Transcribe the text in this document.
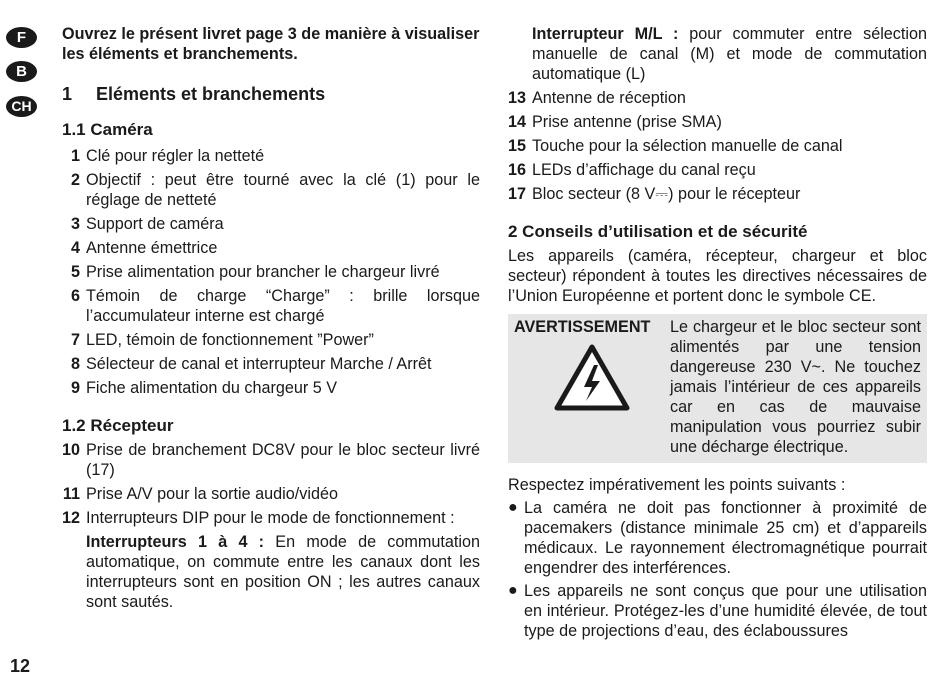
F
B
CH

Ouvrez le présent livret page 3 de manière à visualiser les éléments et branchements.

1 Eléments et branchements
1.1 Caméra
1 Clé pour régler la netteté
2 Objectif : peut être tourné avec la clé (1) pour le réglage de netteté
3 Support de caméra
4 Antenne émettrice
5 Prise alimentation pour brancher le chargeur livré
6 Témoin de charge “Charge” : brille lorsque l’accumulateur interne est chargé
7 LED, témoin de fonctionnement ”Power”
8 Sélecteur de canal et interrupteur Marche / Arrêt
9 Fiche alimentation du chargeur 5 V
1.2 Récepteur
10 Prise de branchement DC8V pour le bloc secteur livré (17)
11 Prise A/V pour la sortie audio/vidéo
12 Interrupteurs DIP pour le mode de fonctionnement :
Interrupteurs 1 à 4 : En mode de commutation automatique, on commute entre les canaux dont les interrupteurs sont en position ON ; les autres canaux sont sautés.
Interrupteur M/L : pour commuter entre sélection manuelle de canal (M) et mode de commutation automatique (L)
13 Antenne de réception
14 Prise antenne (prise SMA)
15 Touche pour la sélection manuelle de canal
16 LEDs d’affichage du canal reçu
17 Bloc secteur (8 V⎓) pour le récepteur
2 Conseils d’utilisation et de sécurité

Les appareils (caméra, récepteur, chargeur et bloc secteur) répondent à toutes les directives nécessaires de l’Union Européenne et portent donc le symbole CE.

AVERTISSEMENT	Le chargeur et le bloc secteur sont alimentés par une tension dangereuse 230 V~. Ne touchez jamais l’intérieur de ces appareils car en cas de mauvaise manipulation vous pourriez subir une décharge électrique.

Respectez impérativement les points suivants :

● La caméra ne doit pas fonctionner à proximité de pacemakers (distance minimale 25 cm) et d’appareils médicaux. Le rayonnement électromagnétique pourrait engendrer des interférences.
● Les appareils ne sont conçus que pour une utilisation en intérieur. Protégez-les d’une humidité élevée, de tout type de projections d’eau, des éclaboussures
12
